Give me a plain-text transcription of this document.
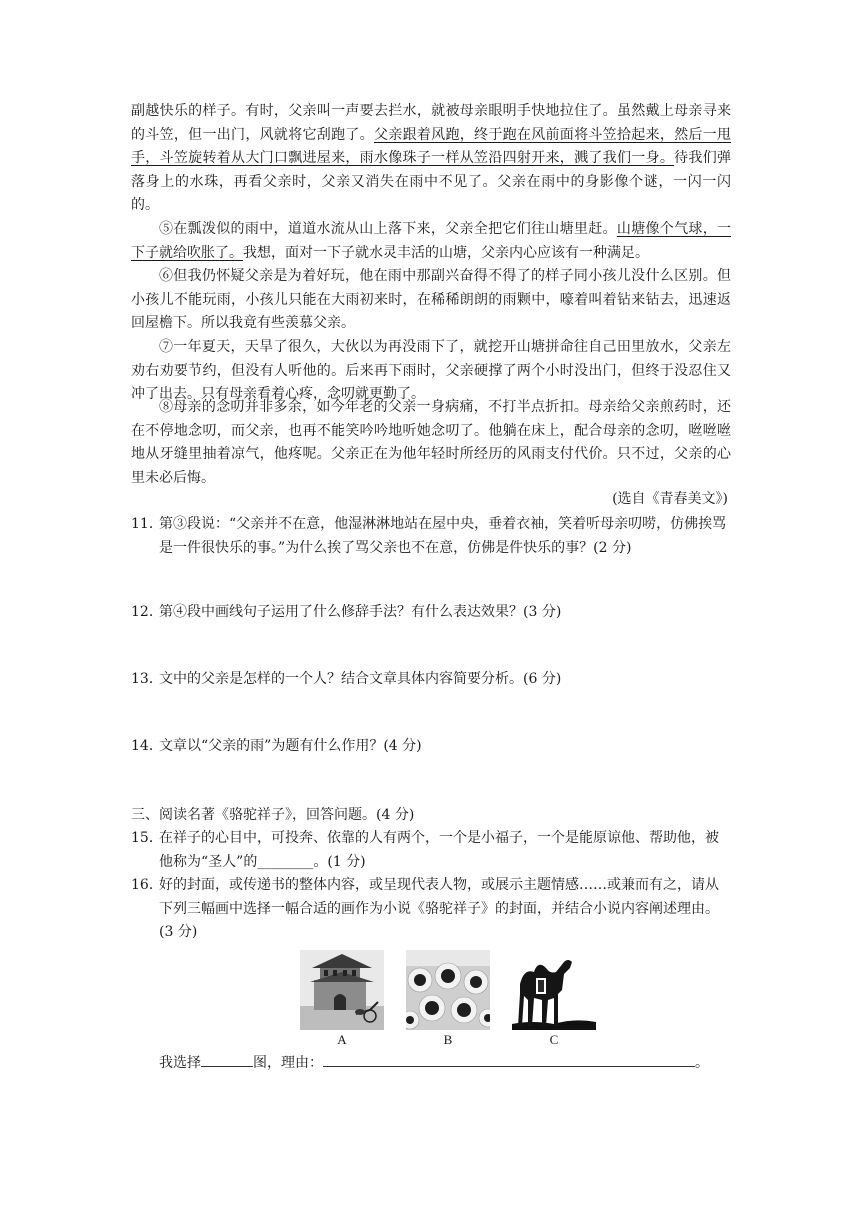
副越快乐的样子。有时，父亲叫一声要去拦水，就被母亲眼明手快地拉住了。虽然戴上母亲寻来的斗笠，但一出门，风就将它刮跑了。父亲跟着风跑，终于跑在风前面将斗笠拾起来，然后一甩手，斗笠旋转着从大门口飘进屋来，雨水像珠子一样从笠沿四射开来，溅了我们一身。待我们弹落身上的水珠，再看父亲时，父亲又消失在雨中不见了。父亲在雨中的身影像个谜，一闪一闪的。

⑤在瓢泼似的雨中，道道水流从山上落下来，父亲全把它们往山塘里赶。山塘像个气球，一下子就给吹胀了。我想，面对一下子就水灵丰活的山塘，父亲内心应该有一种满足。

⑥但我仍怀疑父亲是为着好玩，他在雨中那副兴奋得不得了的样子同小孩儿没什么区别。但小孩儿不能玩雨，小孩儿只能在大雨初来时，在稀稀朗朗的雨颗中，嚎着叫着钻来钻去，迅速返回屋檐下。所以我竟有些羡慕父亲。

⑦一年夏天，天旱了很久，大伙以为再没雨下了，就挖开山塘拼命往自己田里放水，父亲左劝右劝要节约，但没有人听他的。后来再下雨时，父亲硬撑了两个小时没出门，但终于没忍住又冲了出去。只有母亲看着心疼，念叨就更勤了。

⑧母亲的念叨并非多余，如今年老的父亲一身病痛，不打半点折扣。母亲给父亲煎药时，还在不停地念叨，而父亲，也再不能笑吟吟地听她念叨了。他躺在床上，配合母亲的念叨，咝咝咝地从牙缝里抽着凉气，他疼呢。父亲正在为他年轻时所经历的风雨支付代价。只不过，父亲的心里未必后悔。

(选自《青春美文》)
11．
第③段说：“父亲并不在意，他湿淋淋地站在屋中央，垂着衣袖，笑着听母亲叨唠，仿佛挨骂是一件很快乐的事。”为什么挨了骂父亲也不在意，仿佛是件快乐的事？(2 分)
12．
第④段中画线句子运用了什么修辞手法？有什么表达效果？(3 分)
13．
文中的父亲是怎样的一个人？结合文章具体内容简要分析。(6 分)
14．
文章以“父亲的雨”为题有什么作用？(4 分)
三、阅读名著《骆驼祥子》，回答问题。(4 分)
15．
在祥子的心目中，可投奔、依靠的人有两个，一个是小福子，一个是能原谅他、帮助他，被他称为“圣人”的________。(1 分)
16．
好的封面，或传递书的整体内容，或呈现代表人物，或展示主题情感……或兼而有之，请从下列三幅画中选择一幅合适的画作为小说《骆驼祥子》的封面，并结合小说内容阐述理由。(3 分)
A	B	C
我选择	图，理由：	。
